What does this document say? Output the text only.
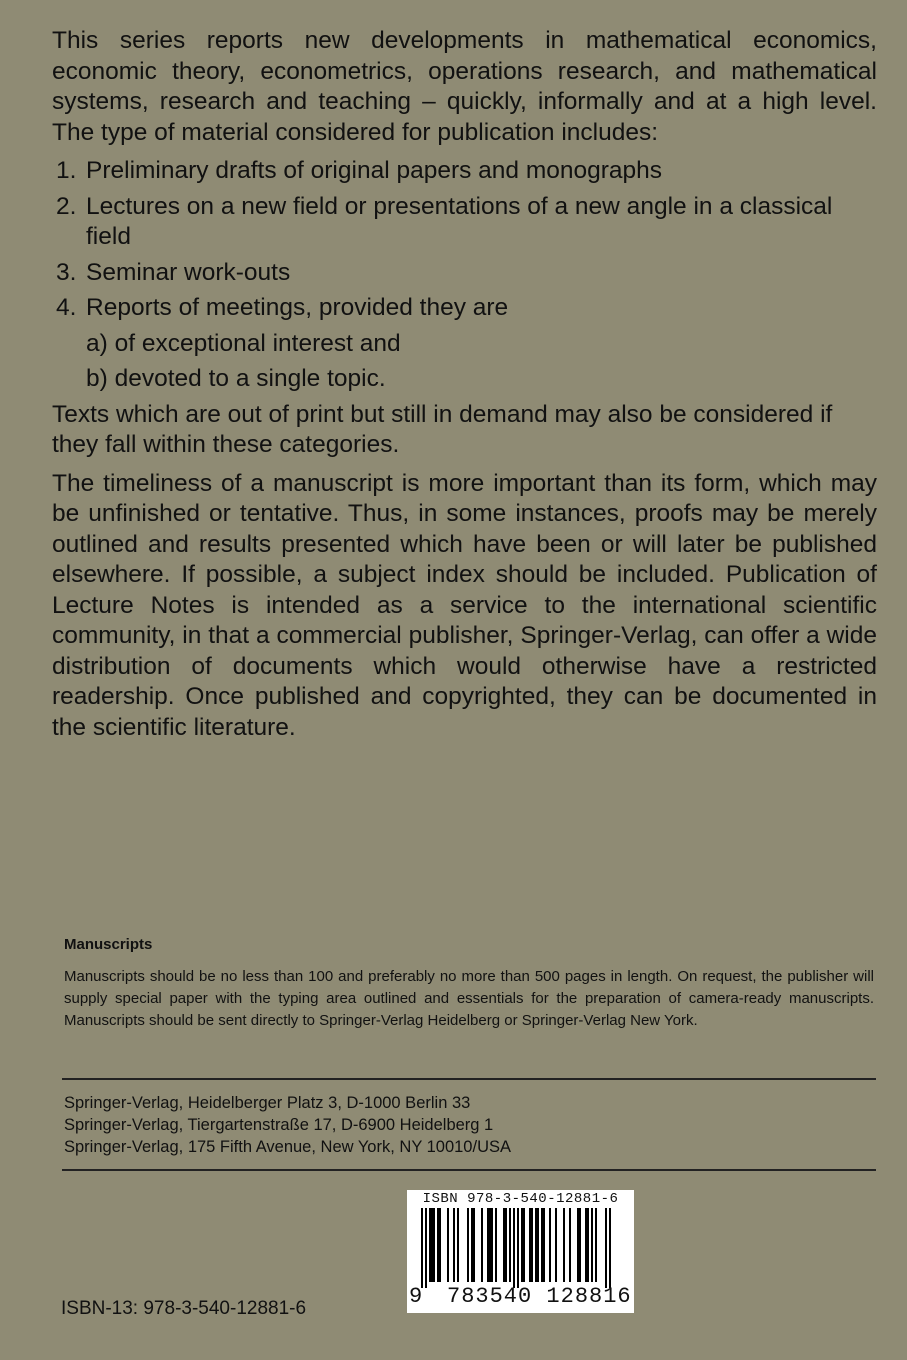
This series reports new developments in mathematical economics, economic theory, econometrics, operations research, and mathematical systems, research and teaching – quickly, informally and at a high level. The type of material considered for publication includes:

1. Preliminary drafts of original papers and monographs
2. Lectures on a new field or presentations of a new angle in a classical field
3. Seminar work-outs
4. Reports of meetings, provided they are
a) of exceptional interest and
b) devoted to a single topic.

Texts which are out of print but still in demand may also be considered if they fall within these categories.

The timeliness of a manuscript is more important than its form, which may be unfinished or tentative. Thus, in some instances, proofs may be merely outlined and results presented which have been or will later be published elsewhere. If possible, a subject index should be included. Publication of Lecture Notes is intended as a service to the international scientific community, in that a commercial publisher, Springer-Verlag, can offer a wide distribution of documents which would otherwise have a restricted readership. Once published and copyrighted, they can be documented in the scientific literature.

Manuscripts
Manuscripts should be no less than 100 and preferably no more than 500 pages in length. On request, the publisher will supply special paper with the typing area outlined and essentials for the preparation of camera-ready manuscripts. Manuscripts should be sent directly to Springer-Verlag Heidelberg or Springer-Verlag New York.
Springer-Verlag, Heidelberger Platz 3, D-1000 Berlin 33
Springer-Verlag, Tiergartenstraße 17, D-6900 Heidelberg 1
Springer-Verlag, 175 Fifth Avenue, New York, NY 10010/USA
ISBN-13: 978-3-540-12881-6
ISBN 978-3-540-12881-6
9 783540 128816
